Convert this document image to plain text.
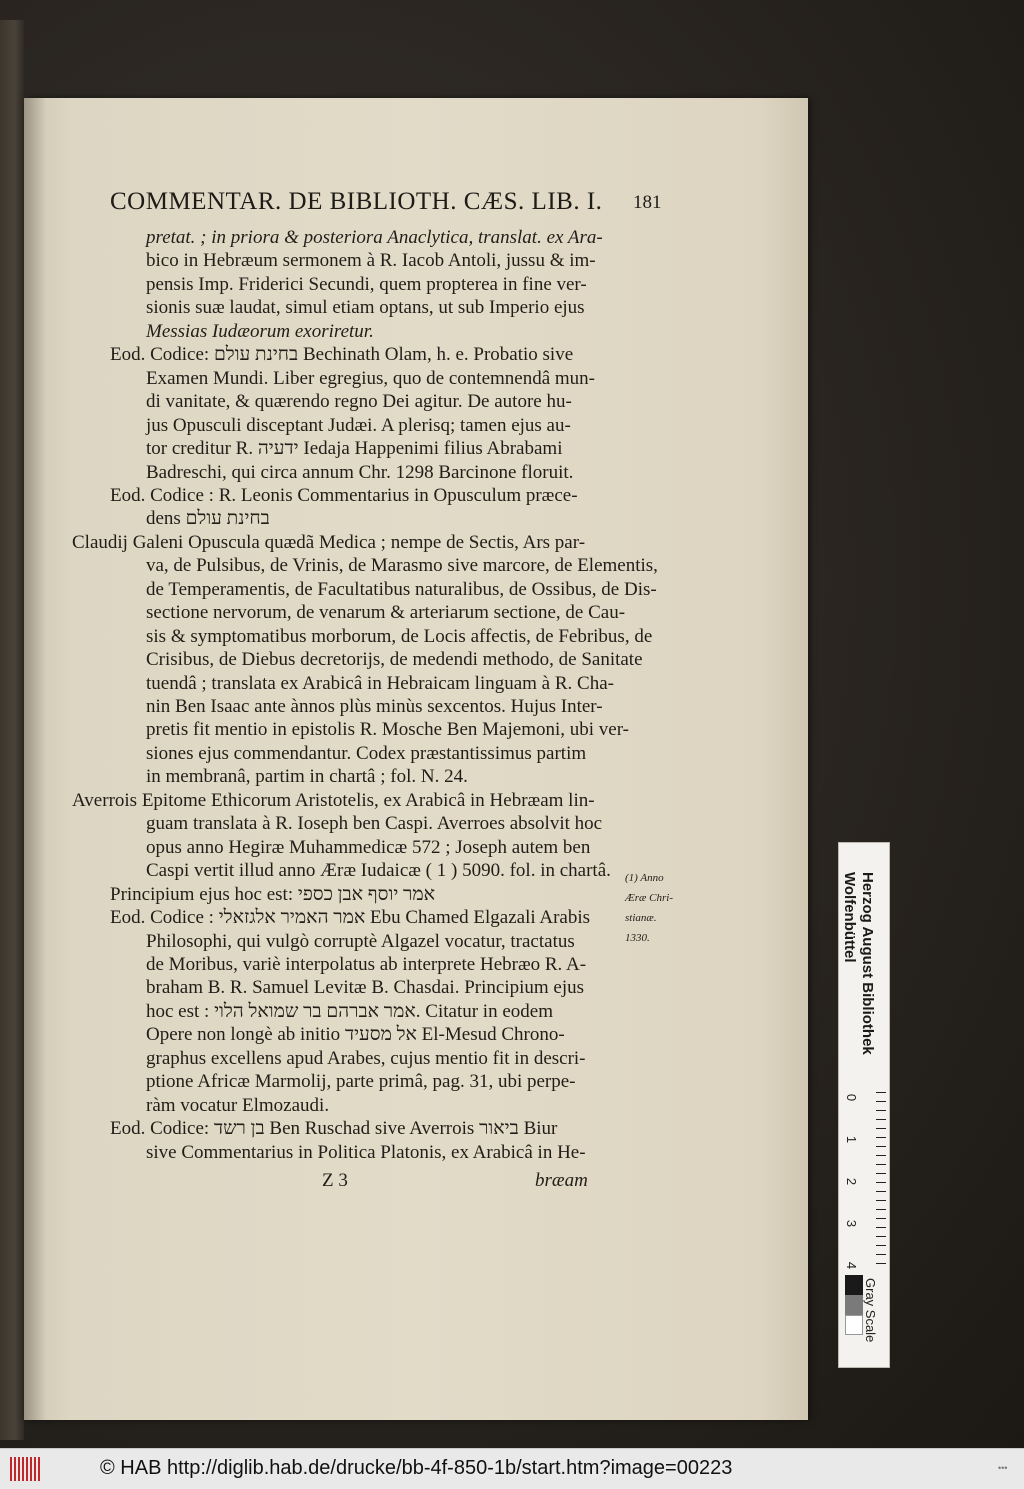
COMMENTAR. DE BIBLIOTH. CÆS. LIB. I.	181
pretat. ; in priora & posteriora Anaclytica, translat. ex Ara-
bico in Hebræum sermonem à R. Iacob Antoli, jussu & im-
pensis Imp. Friderici Secundi, quem propterea in fine ver-
sionis suæ laudat, simul etiam optans, ut sub Imperio ejus
Messias Iudæorum exoriretur.
Eod. Codice: בחינת עולם Bechinath Olam, h. e. Probatio sive
Examen Mundi. Liber egregius, quo de contemnendâ mun-
di vanitate, & quærendo regno Dei agitur. De autore hu-
jus Opusculi disceptant Judæi. A plerisq; tamen ejus au-
tor creditur R. ידעיה Iedaja Happenimi filius Abrabami
Badreschi, qui circa annum Chr. 1298 Barcinone floruit.
Eod. Codice : R. Leonis Commentarius in Opusculum præce-
dens בחינת עולם
Claudij Galeni Opuscula quædã Medica ; nempe de Sectis, Ars par-
va, de Pulsibus, de Vrinis, de Marasmo sive marcore, de Elementis,
de Temperamentis, de Facultatibus naturalibus, de Ossibus, de Dis-
sectione nervorum, de venarum & arteriarum sectione, de Cau-
sis & symptomatibus morborum, de Locis affectis, de Febribus, de
Crisibus, de Diebus decretorijs, de medendi methodo, de Sanitate
tuendâ ; translata ex Arabicâ in Hebraicam linguam à R. Cha-
nin Ben Isaac ante ànnos plùs minùs sexcentos. Hujus Inter-
pretis fit mentio in epistolis R. Mosche Ben Majemoni, ubi ver-
siones ejus commendantur. Codex præstantissimus partim
in membranâ, partim in chartâ ; fol. N. 24.
Averrois Epitome Ethicorum Aristotelis, ex Arabicâ in Hebræam lin-
guam translata à R. Ioseph ben Caspi. Averroes absolvit hoc
opus anno Hegiræ Muhammedicæ 572 ; Joseph autem ben
Caspi vertit illud anno Æræ Iudaicæ ( 1 ) 5090. fol. in chartâ.
Principium ejus hoc est: אמר יוסף אבן כספי
Eod. Codice : אמר האמיר אלגזאלי Ebu Chamed Elgazali Arabis
Philosophi, qui vulgò corruptè Algazel vocatur, tractatus
de Moribus, variè interpolatus ab interprete Hebræo R. A-
braham B. R. Samuel Levitæ B. Chasdai. Principium ejus
hoc est : אמר אברהם בר שמואל הלוי. Citatur in eodem
Opere non longè ab initio אל מסעיד El-Mesud Chrono-
graphus excellens apud Arabes, cujus mentio fit in descri-
ptione Africæ Marmolij, parte primâ, pag. 31, ubi perpe-
ràm vocatur Elmozaudi.
Eod. Codice: בן רשד Ben Ruschad sive Averrois ביאור Biur
sive Commentarius in Politica Platonis, ex Arabicâ in He-
(1) Anno
Æræ Chri-
stianæ.
1330.
Z 3	bræam
Herzog August Bibliothek
Wolfenbüttel
0
1
2
3
4
Gray Scale
© HAB http://diglib.hab.de/drucke/bb-4f-850-1b/start.htm?image=00223	•••
